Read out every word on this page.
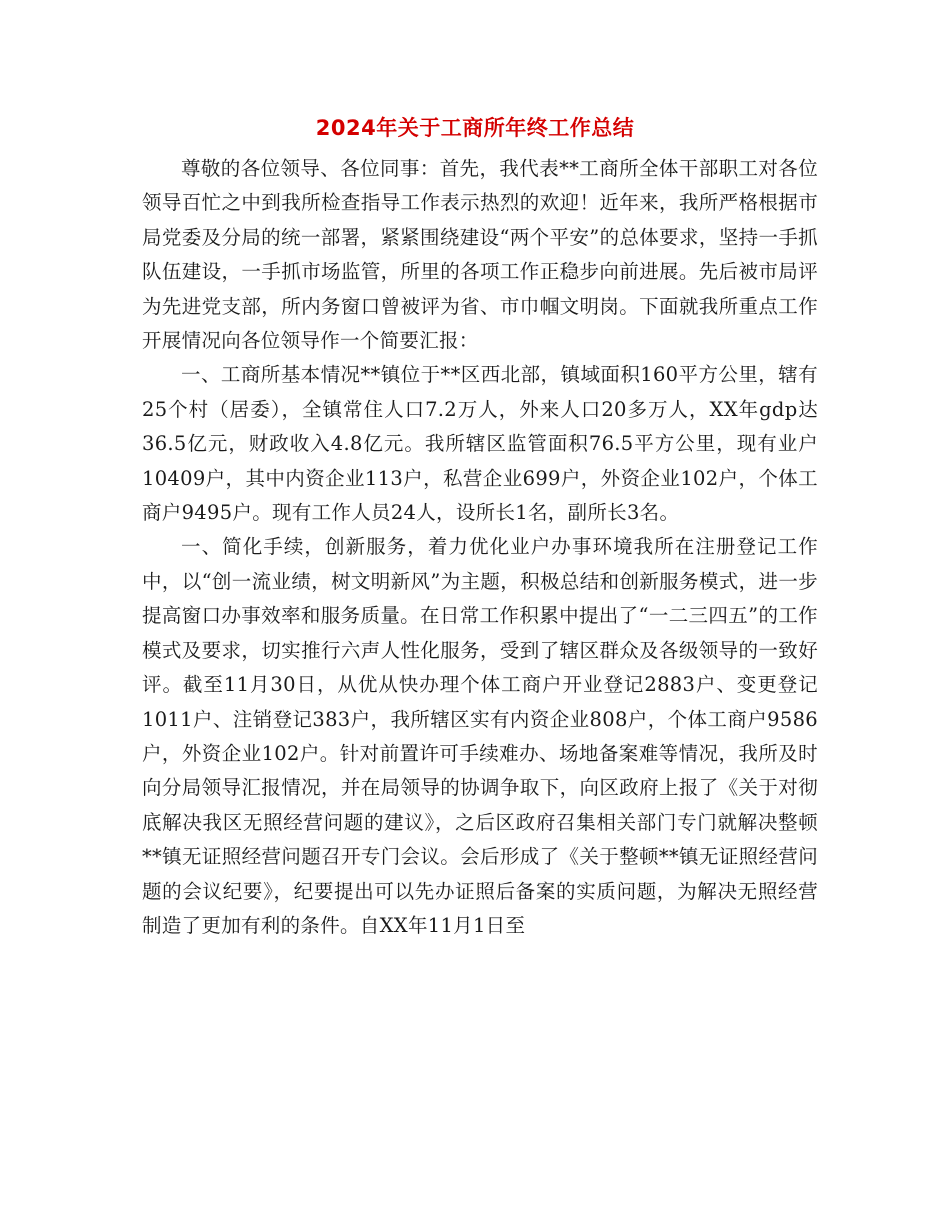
2024年关于工商所年终工作总结

尊敬的各位领导、各位同事：首先，我代表**工商所全体干部职工对各位领导百忙之中到我所检查指导工作表示热烈的欢迎！近年来，我所严格根据市局党委及分局的统一部署，紧紧围绕建设“两个平安”的总体要求，坚持一手抓队伍建设，一手抓市场监管，所里的各项工作正稳步向前进展。先后被市局评为先进党支部，所内务窗口曾被评为省、市巾帼文明岗。下面就我所重点工作开展情况向各位领导作一个简要汇报：

一、工商所基本情况**镇位于**区西北部，镇域面积160平方公里，辖有25个村（居委），全镇常住人口7.2万人，外来人口20多万人，XX年gdp达36.5亿元，财政收入4.8亿元。我所辖区监管面积76.5平方公里，现有业户10409户，其中内资企业113户，私营企业699户，外资企业102户，个体工商户9495户。现有工作人员24人，设所长1名，副所长3名。

一、简化手续，创新服务，着力优化业户办事环境我所在注册登记工作中，以“创一流业绩，树文明新风”为主题，积极总结和创新服务模式，进一步提高窗口办事效率和服务质量。在日常工作积累中提出了“一二三四五”的工作模式及要求，切实推行六声人性化服务，受到了辖区群众及各级领导的一致好评。截至11月30日，从优从快办理个体工商户开业登记2883户、变更登记1011户、注销登记383户，我所辖区实有内资企业808户，个体工商户9586户，外资企业102户。针对前置许可手续难办、场地备案难等情况，我所及时向分局领导汇报情况，并在局领导的协调争取下，向区政府上报了《关于对彻底解决我区无照经营问题的建议》，之后区政府召集相关部门专门就解决整顿**镇无证照经营问题召开专门会议。会后形成了《关于整顿**镇无证照经营问题的会议纪要》，纪要提出可以先办证照后备案的实质问题，为解决无照经营制造了更加有利的条件。自XX年11月1日至
